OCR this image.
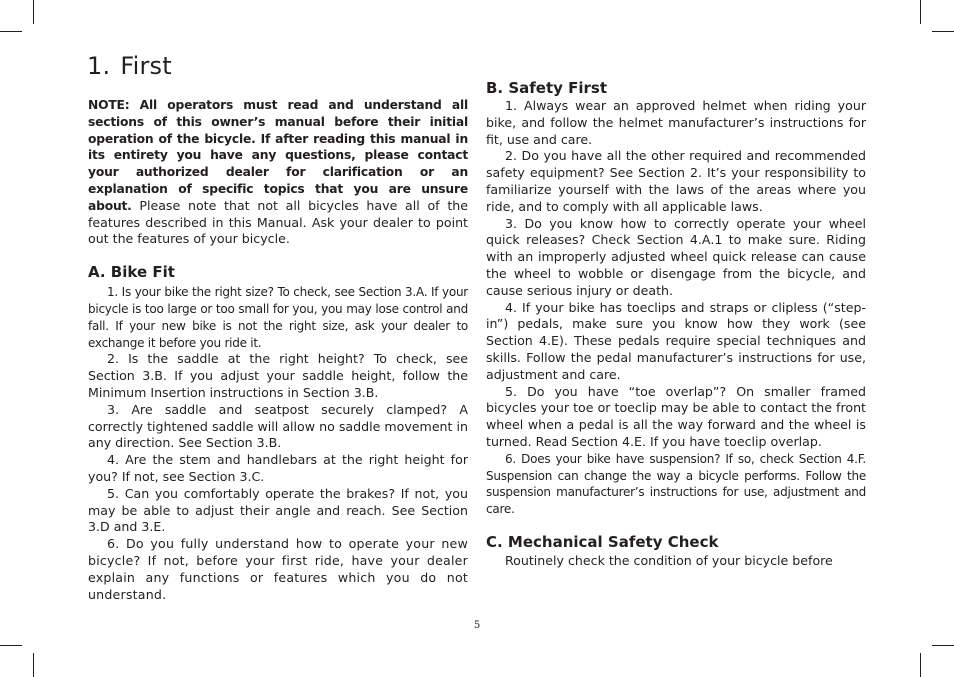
1. First

NOTE: All operators must read and understand all sections of this owner’s manual before their initial operation of the bicycle. If after reading this manual in its entirety you have any questions, please contact your authorized dealer for clarification or an explanation of specific topics that you are unsure about. Please note that not all bicycles have all of the features described in this Manual. Ask your dealer to point out the features of your bicycle.

A. Bike Fit

1. Is your bike the right size? To check, see Section 3.A. If your bicycle is too large or too small for you, you may lose control and fall. If your new bike is not the right size, ask your dealer to exchange it before you ride it.

2. Is the saddle at the right height? To check, see Section 3.B. If you adjust your saddle height, follow the Minimum Insertion instructions in Section 3.B.

3. Are saddle and seatpost securely clamped? A correctly tightened saddle will allow no saddle movement in any direction. See Section 3.B.

4. Are the stem and handlebars at the right height for you? If not, see Section 3.C.

5. Can you comfortably operate the brakes? If not, you may be able to adjust their angle and reach. See Section 3.D and 3.E.

6. Do you fully understand how to operate your new bicycle? If not, before your first ride, have your dealer explain any functions or features which you do not understand.

B. Safety First

1. Always wear an approved helmet when riding your bike, and follow the helmet manufacturer’s instructions for fit, use and care.

2. Do you have all the other required and recommended safety equipment? See Section 2. It’s your responsibility to familiarize yourself with the laws of the areas where you ride, and to comply with all applicable laws.

3. Do you know how to correctly operate your wheel quick releases? Check Section 4.A.1 to make sure. Riding with an improperly adjusted wheel quick release can cause the wheel to wobble or disengage from the bicycle, and cause serious injury or death.

4. If your bike has toeclips and straps or clipless (“step-in”) pedals, make sure you know how they work (see Section 4.E). These pedals require special techniques and skills. Follow the pedal manufacturer’s instructions for use, adjustment and care.

5. Do you have “toe overlap”? On smaller framed bicycles your toe or toeclip may be able to contact the front wheel when a pedal is all the way forward and the wheel is turned. Read Section 4.E. If you have toeclip overlap.

6. Does your bike have suspension? If so, check Section 4.F. Suspension can change the way a bicycle performs. Follow the suspension manufacturer’s instructions for use, adjustment and care.

C. Mechanical Safety Check

Routinely check the condition of your bicycle before

5
